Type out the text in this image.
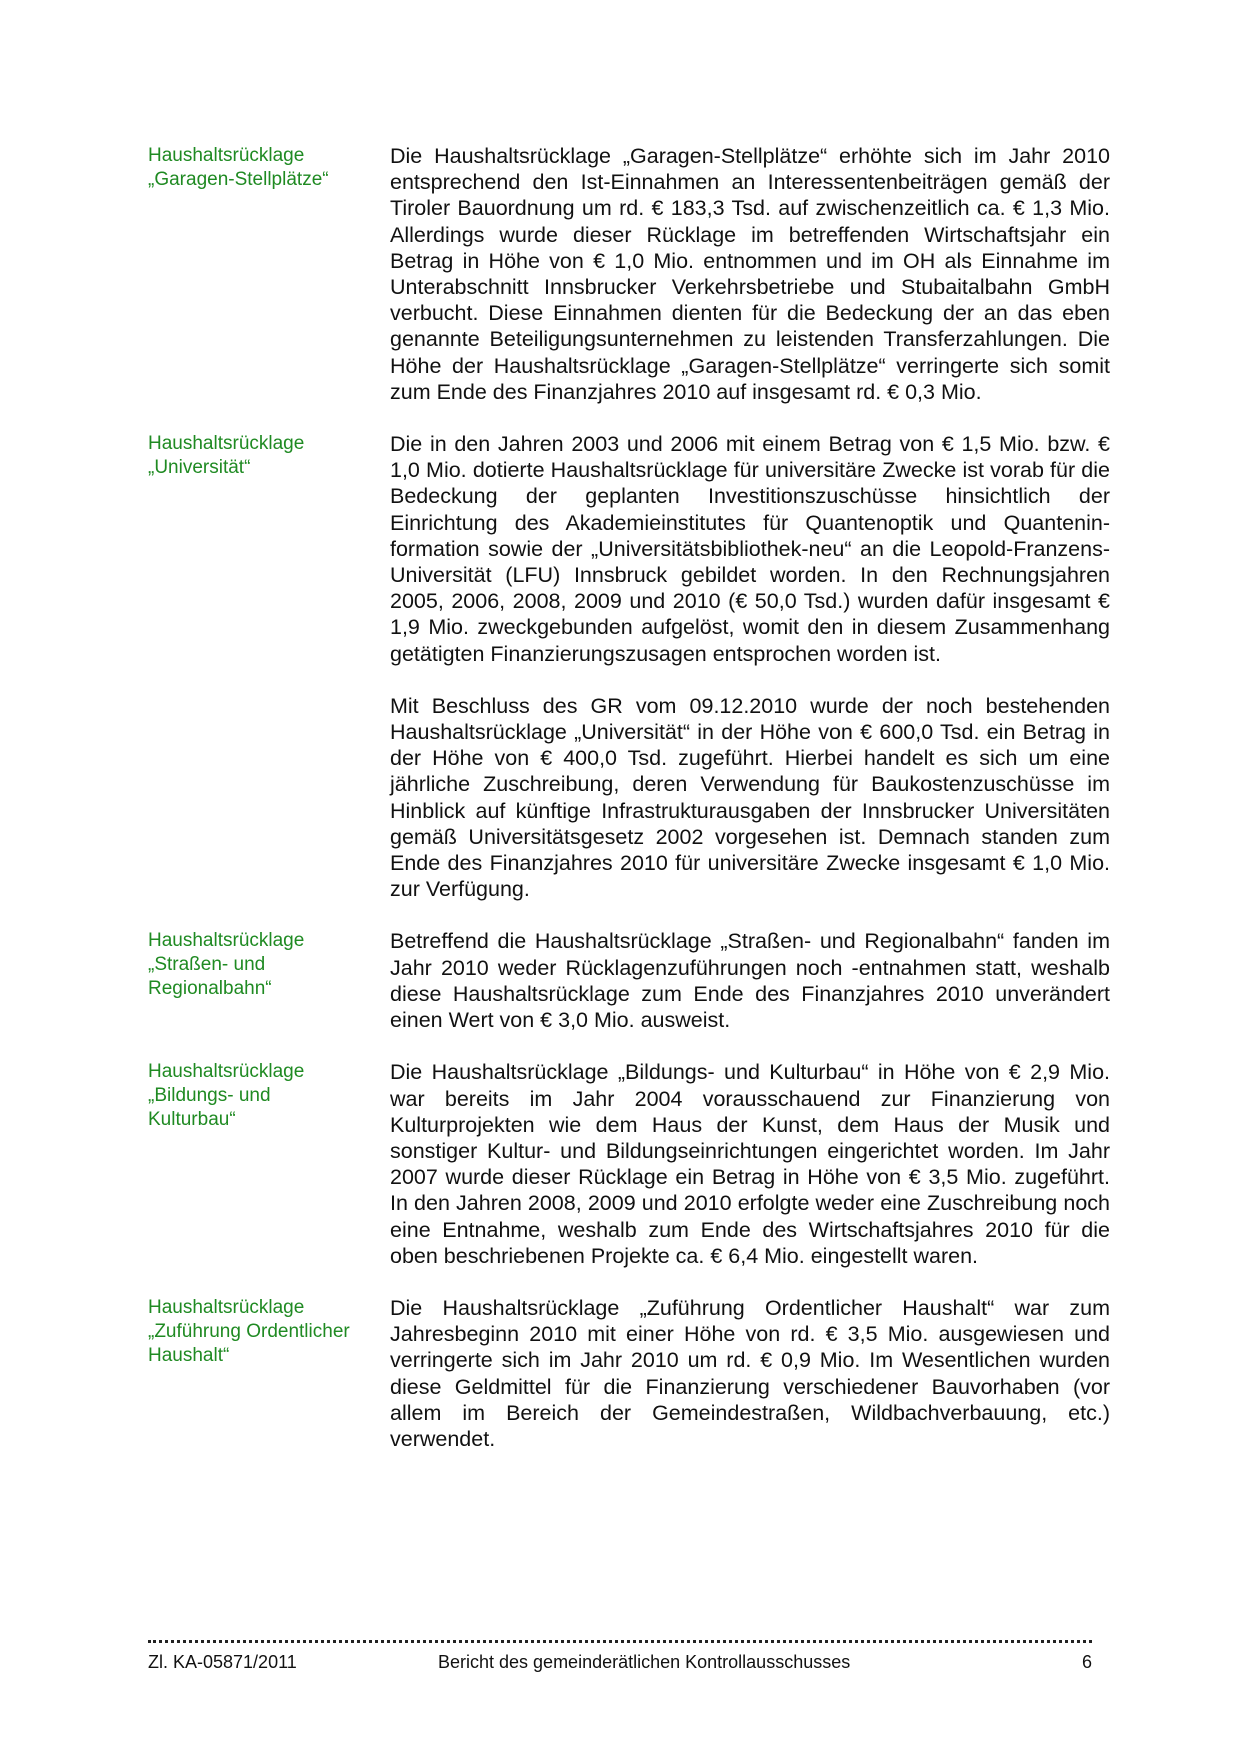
Haushaltsrücklage
„Garagen-Stellplätze“

Die Haushaltsrücklage „Garagen-Stellplätze“ erhöhte sich im Jahr 2010 entsprechend den Ist-Einnahmen an Interessentenbeiträgen gemäß der Tiroler Bauordnung um rd. € 183,3 Tsd. auf zwischenzeitlich ca. € 1,3 Mio. Allerdings wurde dieser Rücklage im betreffenden Wirtschaftsjahr ein Betrag in Höhe von € 1,0 Mio. entnommen und im OH als Einnahme im Unterabschnitt Innsbrucker Verkehrsbetriebe und Stubaitalbahn GmbH verbucht. Diese Einnahmen dienten für die Bedeckung der an das eben genannte Beteiligungsunternehmen zu leistenden Transferzahlungen. Die Höhe der Haushaltsrücklage „Garagen-Stellplätze“ verringerte sich somit zum Ende des Finanzjahres 2010 auf insgesamt rd. € 0,3 Mio.

Haushaltsrücklage
„Universität“

Die in den Jahren 2003 und 2006 mit einem Betrag von € 1,5 Mio. bzw. € 1,0 Mio. dotierte Haushaltsrücklage für universitäre Zwecke ist vorab für die Bedeckung der geplanten Investitionszuschüsse hinsichtlich der Einrichtung des Akademieinstitutes für Quantenoptik und Quanteninformation sowie der „Universitätsbibliothek-neu“ an die Leopold-Franzens-Universität (LFU) Innsbruck gebildet worden. In den Rechnungsjahren 2005, 2006, 2008, 2009 und 2010 (€ 50,0 Tsd.) wurden dafür insgesamt € 1,9 Mio. zweckgebunden aufgelöst, womit den in diesem Zusammenhang getätigten Finanzierungszusagen entsprochen worden ist.

Mit Beschluss des GR vom 09.12.2010 wurde der noch bestehenden Haushaltsrücklage „Universität“ in der Höhe von € 600,0 Tsd. ein Betrag in der Höhe von € 400,0 Tsd. zugeführt. Hierbei handelt es sich um eine jährliche Zuschreibung, deren Verwendung für Baukostenzuschüsse im Hinblick auf künftige Infrastrukturausgaben der Innsbrucker Universitäten gemäß Universitätsgesetz 2002 vorgesehen ist. Demnach standen zum Ende des Finanzjahres 2010 für universitäre Zwecke insgesamt € 1,0 Mio. zur Verfügung.

Haushaltsrücklage
„Straßen- und
Regionalbahn“

Betreffend die Haushaltsrücklage „Straßen- und Regionalbahn“ fanden im Jahr 2010 weder Rücklagenzuführungen noch -entnahmen statt, weshalb diese Haushaltsrücklage zum Ende des Finanzjahres 2010 unverändert einen Wert von € 3,0 Mio. ausweist.

Haushaltsrücklage
„Bildungs- und
Kulturbau“

Die Haushaltsrücklage „Bildungs- und Kulturbau“ in Höhe von € 2,9 Mio. war bereits im Jahr 2004 vorausschauend zur Finanzierung von Kulturprojekten wie dem Haus der Kunst, dem Haus der Musik und sonstiger Kultur- und Bildungseinrichtungen eingerichtet worden. Im Jahr 2007 wurde dieser Rücklage ein Betrag in Höhe von € 3,5 Mio. zugeführt. In den Jahren 2008, 2009 und 2010 erfolgte weder eine Zuschreibung noch eine Entnahme, weshalb zum Ende des Wirtschaftsjahres 2010 für die oben beschriebenen Projekte ca. € 6,4 Mio. eingestellt waren.

Haushaltsrücklage
„Zuführung Ordentlicher
Haushalt“

Die Haushaltsrücklage „Zuführung Ordentlicher Haushalt“ war zum Jahresbeginn 2010 mit einer Höhe von rd. € 3,5 Mio. ausgewiesen und verringerte sich im Jahr 2010 um rd. € 0,9 Mio. Im Wesentlichen wurden diese Geldmittel für die Finanzierung verschiedener Bauvorhaben (vor allem im Bereich der Gemeindestraßen, Wildbachverbauung, etc.) verwendet.

Zl. KA-05871/2011	Bericht des gemeinderätlichen Kontrollausschusses	6
